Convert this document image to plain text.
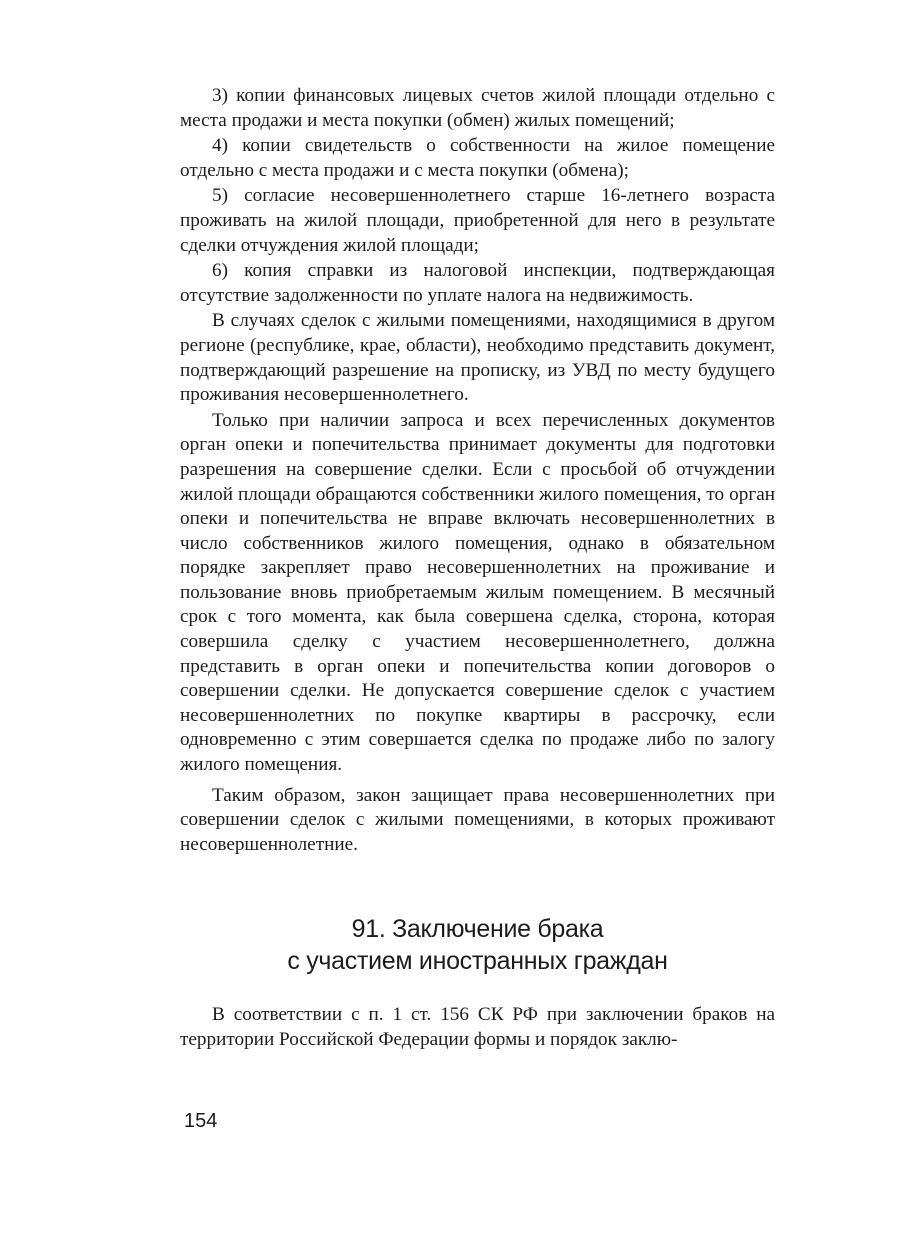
3) копии финансовых лицевых счетов жилой площади отдельно с места продажи и места покупки (обмен) жилых помещений;

4) копии свидетельств о собственности на жилое помещение отдельно с места продажи и с места покупки (обмена);

5) согласие несовершеннолетнего старше 16-летнего возраста проживать на жилой площади, приобретенной для него в результате сделки отчуждения жилой площади;

6) копия справки из налоговой инспекции, подтверждающая отсутствие задолженности по уплате налога на недвижимость.

В случаях сделок с жилыми помещениями, находящимися в другом регионе (республике, крае, области), необходимо представить документ, подтверждающий разрешение на прописку, из УВД по месту будущего проживания несовершеннолетнего.

Только при наличии запроса и всех перечисленных документов орган опеки и попечительства принимает документы для подготовки разрешения на совершение сделки. Если с просьбой об отчуждении жилой площади обращаются собственники жилого помещения, то орган опеки и попечительства не вправе включать несовершеннолетних в число собственников жилого помещения, однако в обязательном порядке закрепляет право несовершеннолетних на проживание и пользование вновь приобретаемым жилым помещением. В месячный срок с того момента, как была совершена сделка, сторона, которая совершила сделку с участием несовершеннолетнего, должна представить в орган опеки и попечительства копии договоров о совершении сделки. Не допускается совершение сделок с участием несовершеннолетних по покупке квартиры в рассрочку, если одновременно с этим совершается сделка по продаже либо по залогу жилого помещения.

Таким образом, закон защищает права несовершеннолетних при совершении сделок с жилыми помещениями, в которых проживают несовершеннолетние.

91. Заключение брака
с участием иностранных граждан

В соответствии с п. 1 ст. 156 СК РФ при заключении браков на территории Российской Федерации формы и порядок заклю-

154
